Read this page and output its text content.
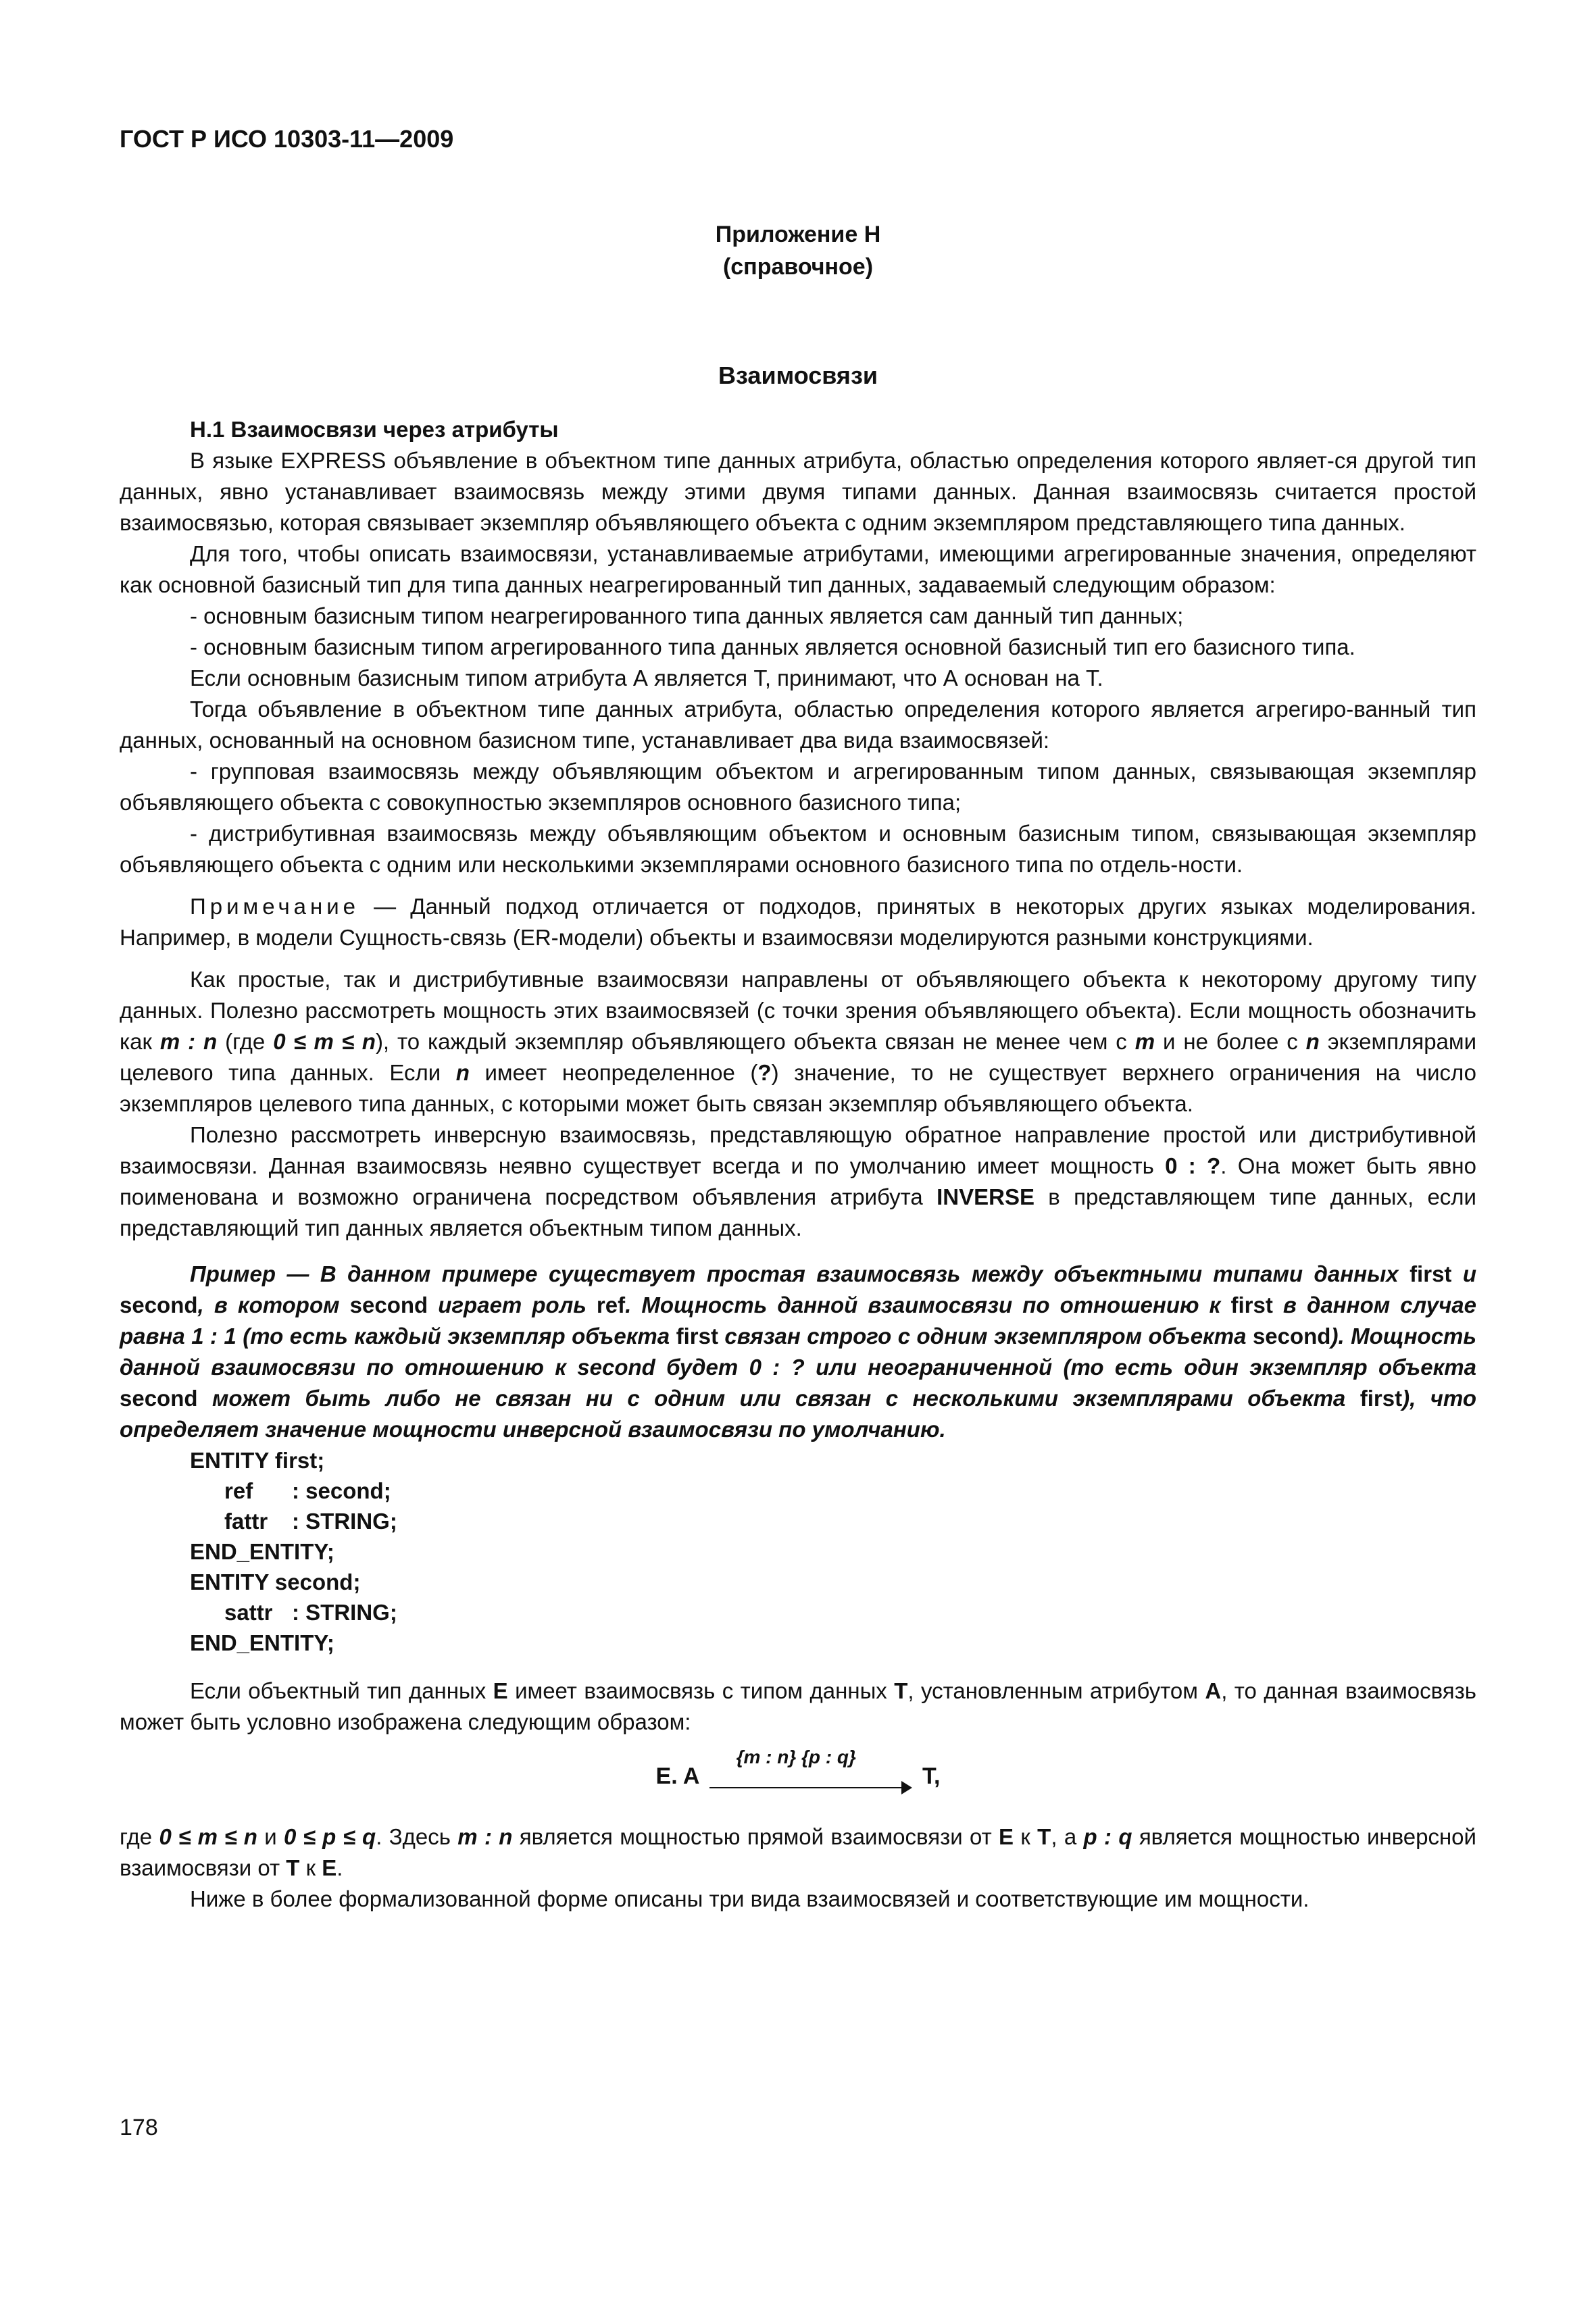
ГОСТ Р ИСО 10303-11—2009
Приложение Н
(справочное)
Взаимосвязи
Н.1 Взаимосвязи через атрибуты

В языке EXPRESS объявление в объектном типе данных атрибута, областью определения которого являет-ся другой тип данных, явно устанавливает взаимосвязь между этими двумя типами данных. Данная взаимосвязь считается простой взаимосвязью, которая связывает экземпляр объявляющего объекта с одним экземпляром представляющего типа данных.

Для того, чтобы описать взаимосвязи, устанавливаемые атрибутами, имеющими агрегированные значения, определяют как основной базисный тип для типа данных неагрегированный тип данных, задаваемый следующим образом:

- основным базисным типом неагрегированного типа данных является сам данный тип данных;

- основным базисным типом агрегированного типа данных является основной базисный тип его базисного типа.

Если основным базисным типом атрибута А является Т, принимают, что А основан на Т.

Тогда объявление в объектном типе данных атрибута, областью определения которого является агрегиро-ванный тип данных, основанный на основном базисном типе, устанавливает два вида взаимосвязей:

- групповая взаимосвязь между объявляющим объектом и агрегированным типом данных, связывающая экземпляр объявляющего объекта с совокупностью экземпляров основного базисного типа;

- дистрибутивная взаимосвязь между объявляющим объектом и основным базисным типом, связывающая экземпляр объявляющего объекта с одним или несколькими экземплярами основного базисного типа по отдель-ности.

Примечание — Данный подход отличается от подходов, принятых в некоторых других языках моделирования. Например, в модели Сущность-связь (ER-модели) объекты и взаимосвязи моделируются разными конструкциями.

Как простые, так и дистрибутивные взаимосвязи направлены от объявляющего объекта к некоторому другому типу данных. Полезно рассмотреть мощность этих взаимосвязей (с точки зрения объявляющего объекта). Если мощность обозначить как m : n (где 0 ≤ m ≤ n), то каждый экземпляр объявляющего объекта связан не менее чем с m и не более с n экземплярами целевого типа данных. Если n имеет неопределенное (?) значение, то не существует верхнего ограничения на число экземпляров целевого типа данных, с которыми может быть связан экземпляр объявляющего объекта.

Полезно рассмотреть инверсную взаимосвязь, представляющую обратное направление простой или дистрибутивной взаимосвязи. Данная взаимосвязь неявно существует всегда и по умолчанию имеет мощность 0 : ?. Она может быть явно поименована и возможно ограничена посредством объявления атрибута INVERSE в представляющем типе данных, если представляющий тип данных является объектным типом данных.

Пример — В данном примере существует простая взаимосвязь между объектными типами данных first и second, в котором second играет роль ref. Мощность данной взаимосвязи по отношению к first в данном случае равна 1 : 1 (то есть каждый экземпляр объекта first связан строго с одним экземпляром объекта second). Мощность данной взаимосвязи по отношению к second будет 0 : ? или неограниченной (то есть один экземпляр объекта second может быть либо не связан ни с одним или связан с несколькими экземплярами объекта first), что определяет значение мощности инверсной взаимосвязи по умолчанию.
ENTITY first;
ref : second;
fattr : STRING;
END_ENTITY;
ENTITY second;
sattr : STRING;
END_ENTITY;

Если объектный тип данных E имеет взаимосвязь с типом данных T, установленным атрибутом A, то данная взаимосвязь может быть условно изображена следующим образом:

E. A
{m : n} {p : q}
T,

где 0 ≤ m ≤ n и 0 ≤ p ≤ q. Здесь m : n является мощностью прямой взаимосвязи от E к T, а p : q является мощностью инверсной взаимосвязи от T к E.

Ниже в более формализованной форме описаны три вида взаимосвязей и соответствующие им мощности.

178
